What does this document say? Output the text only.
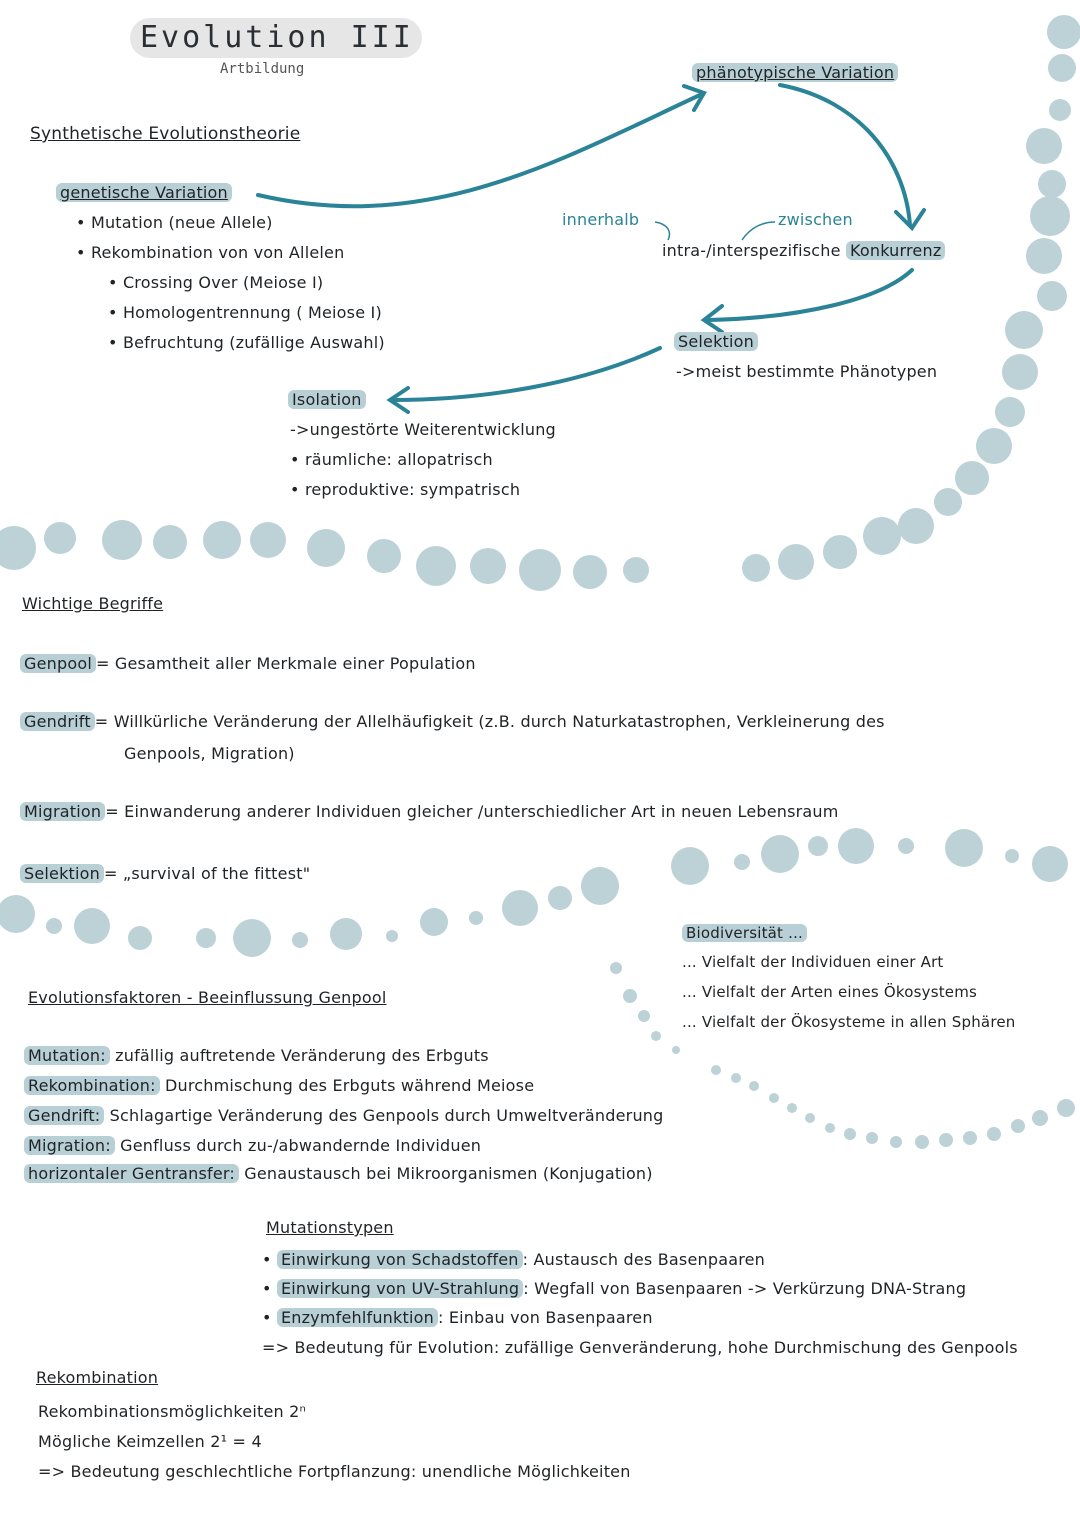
Evolution III
Artbildung
Synthetische Evolutionstheorie
genetische Variation
• Mutation (neue Allele)
• Rekombination von von Allelen
• Crossing Over (Meiose I)
• Homologentrennung ( Meiose I)
• Befruchtung (zufällige Auswahl)
phänotypische Variation
innerhalb	zwischen
intra-/interspezifische Konkurrenz
Selektion
->meist bestimmte Phänotypen
Isolation
->ungestörte Weiterentwicklung
• räumliche: allopatrisch
• reproduktive: sympatrisch
Wichtige Begriffe
Genpool = Gesamtheit aller Merkmale einer Population
Gendrift = Willkürliche Veränderung der Allelhäufigkeit (z.B. durch Naturkatastrophen, Verkleinerung des
Genpools, Migration)
Migration = Einwanderung anderer Individuen gleicher /unterschiedlicher Art in neuen Lebensraum
Selektion = „survival of the fittest"
Biodiversität ...
... Vielfalt der Individuen einer Art
... Vielfalt der Arten eines Ökosystems
... Vielfalt der Ökosysteme in allen Sphären
Evolutionsfaktoren - Beeinflussung Genpool
Mutation: zufällig auftretende Veränderung des Erbguts
Rekombination: Durchmischung des Erbguts während Meiose
Gendrift: Schlagartige Veränderung des Genpools durch Umweltveränderung
Migration: Genfluss durch zu-/abwandernde Individuen
horizontaler Gentransfer: Genaustausch bei Mikroorganismen (Konjugation)
Mutationstypen
• Einwirkung von Schadstoffen : Austausch des Basenpaaren
• Einwirkung von UV-Strahlung : Wegfall von Basenpaaren -> Verkürzung DNA-Strang
• Enzymfehlfunktion : Einbau von Basenpaaren
=> Bedeutung für Evolution: zufällige Genveränderung, hohe Durchmischung des Genpools
Rekombination
Rekombinationsmöglichkeiten 2ⁿ
Mögliche Keimzellen 2¹ = 4
=> Bedeutung geschlechtliche Fortpflanzung: unendliche Möglichkeiten
